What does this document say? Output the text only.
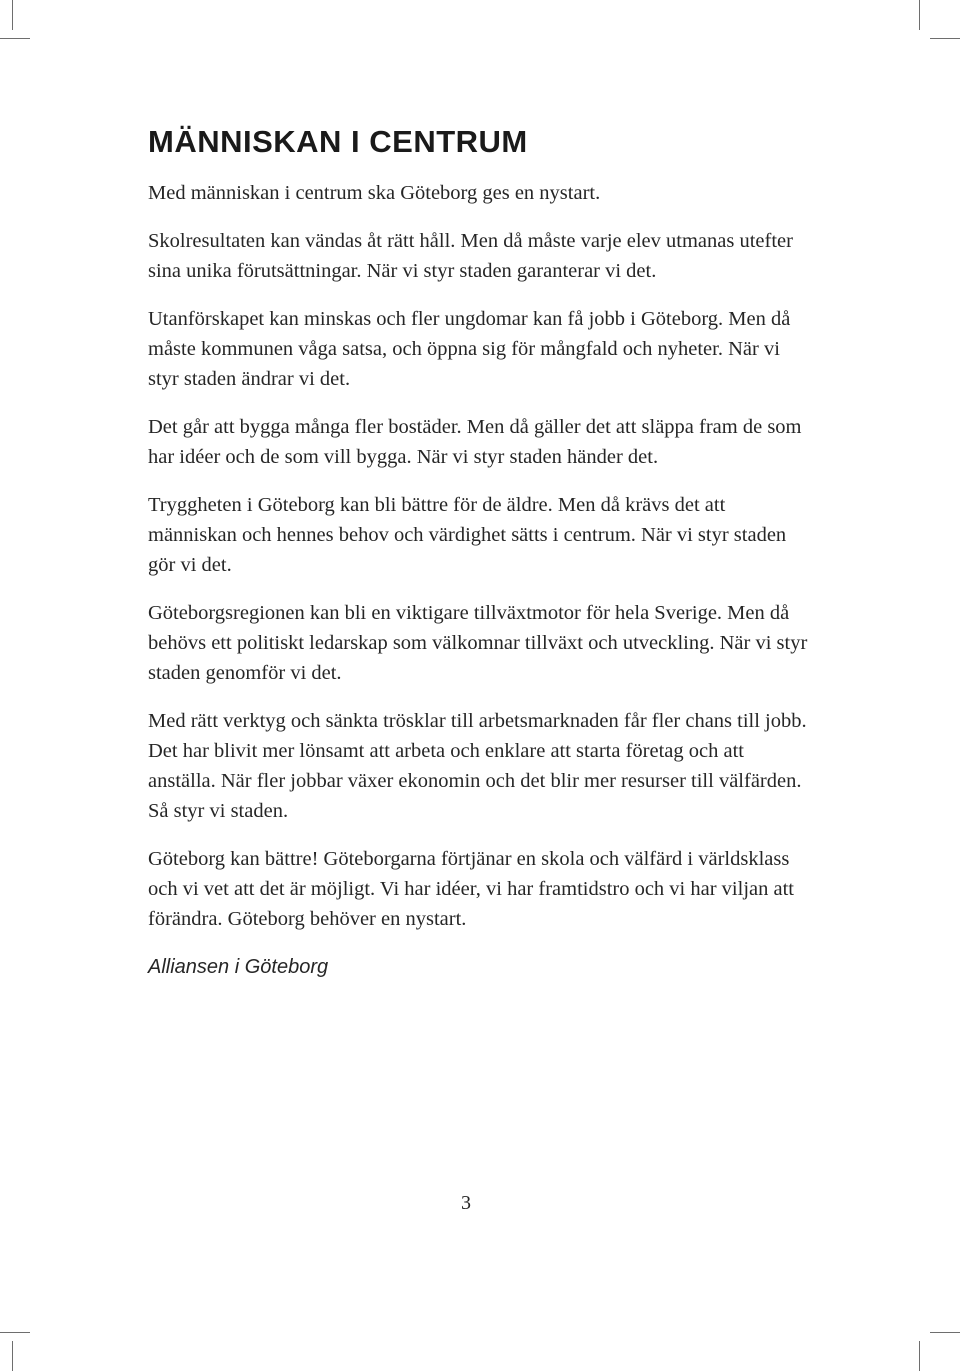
MÄNNISKAN I CENTRUM

Med människan i centrum ska Göteborg ges en nystart.

Skolresultaten kan vändas åt rätt håll. Men då måste varje elev utmanas utefter sina unika förutsättningar. När vi styr staden garanterar vi det.

Utanförskapet kan minskas och fler ungdomar kan få jobb i Göteborg. Men då måste kommunen våga satsa, och öppna sig för mångfald och nyheter. När vi styr staden ändrar vi det.

Det går att bygga många fler bostäder. Men då gäller det att släppa fram de som har idéer och de som vill bygga. När vi styr staden händer det.

Tryggheten i Göteborg kan bli bättre för de äldre. Men då krävs det att människan och hennes behov och värdighet sätts i centrum. När vi styr staden gör vi det.

Göteborgsregionen kan bli en viktigare tillväxtmotor för hela Sverige. Men då behövs ett politiskt ledarskap som välkomnar tillväxt och utveckling. När vi styr staden genomför vi det.

Med rätt verktyg och sänkta trösklar till arbetsmarknaden får fler chans till jobb. Det har blivit mer lönsamt att arbeta och enklare att starta företag och att anställa. När fler jobbar växer ekonomin och det blir mer resurser till välfärden. Så styr vi staden.

Göteborg kan bättre! Göteborgarna förtjänar en skola och välfärd i världsklass och vi vet att det är möjligt. Vi har idéer, vi har framtidstro och vi har viljan att förändra. Göteborg behöver en nystart.

Alliansen i Göteborg

3
